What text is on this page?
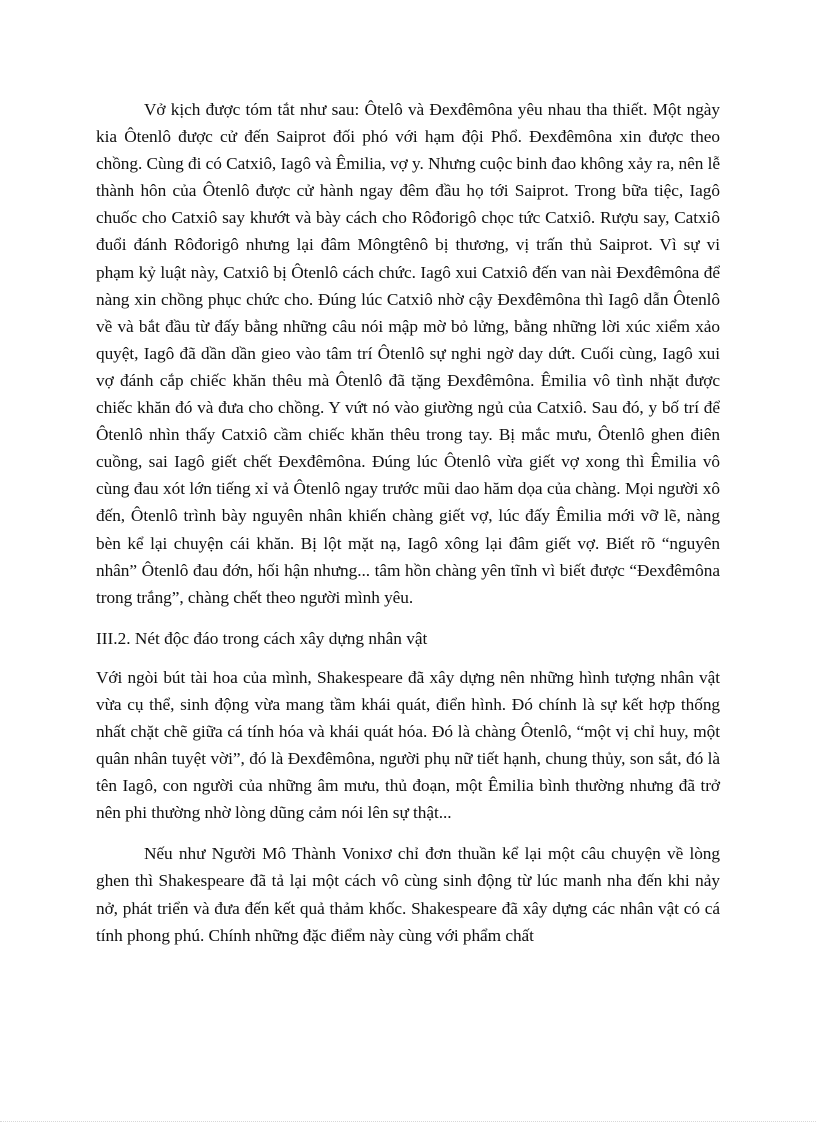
Vở kịch được tóm tắt như sau: Ôtelô và Đexđêmôna yêu nhau tha thiết. Một ngày kia Ôtenlô được cử đến Saiprot đối phó với hạm đội Phổ. Đexđêmôna xin được theo chồng. Cùng đi có Catxiô, Iagô và Êmilia, vợ y. Nhưng cuộc binh đao không xảy ra, nên lễ thành hôn của Ôtenlô được cử hành ngay đêm đầu họ tới Saiprot. Trong bữa tiệc, Iagô chuốc cho Catxiô say khướt và bày cách cho Rôđorigô chọc tức Catxiô. Rượu say, Catxiô đuổi đánh Rôđorigô nhưng lại đâm Môngtênô bị thương, vị trấn thủ Saiprot. Vì sự vi phạm kỷ luật này, Catxiô bị Ôtenlô cách chức. Iagô xui Catxiô đến van nài Đexđêmôna để nàng xin chồng phục chức cho. Đúng lúc Catxiô nhờ cậy Đexđêmôna thì Iagô dẫn Ôtenlô về và bắt đầu từ đấy bằng những câu nói mập mờ bỏ lửng, bằng những lời xúc xiểm xảo quyệt, Iagô đã dần dần gieo vào tâm trí Ôtenlô sự nghi ngờ day dứt. Cuối cùng, Iagô xui vợ đánh cắp chiếc khăn thêu mà Ôtenlô đã tặng Đexđêmôna. Êmilia vô tình nhặt được chiếc khăn đó và đưa cho chồng. Y vứt nó vào giường ngủ của Catxiô. Sau đó, y bố trí để Ôtenlô nhìn thấy Catxiô cầm chiếc khăn thêu trong tay. Bị mắc mưu, Ôtenlô ghen điên cuồng, sai Iagô giết chết Đexđêmôna. Đúng lúc Ôtenlô vừa giết vợ xong thì Êmilia vô cùng đau xót lớn tiếng xỉ vả Ôtenlô ngay trước mũi dao hăm dọa của chàng. Mọi người xô đến, Ôtenlô trình bày nguyên nhân khiến chàng giết vợ, lúc đấy Êmilia mới vỡ lẽ, nàng bèn kể lại chuyện cái khăn. Bị lột mặt nạ, Iagô xông lại đâm giết vợ. Biết rõ “nguyên nhân” Ôtenlô đau đớn, hối hận nhưng... tâm hồn chàng yên tĩnh vì biết được “Đexđêmôna trong trắng”, chàng chết theo người mình yêu.

III.2. Nét độc đáo trong cách xây dựng nhân vật

Với ngòi bút tài hoa của mình, Shakespeare đã xây dựng nên những hình tượng nhân vật vừa cụ thể, sinh động vừa mang tầm khái quát, điển hình. Đó chính là sự kết hợp thống nhất chặt chẽ giữa cá tính hóa và khái quát hóa. Đó là chàng Ôtenlô, “một vị chỉ huy, một quân nhân tuyệt vời”, đó là Đexđêmôna, người phụ nữ tiết hạnh, chung thủy, son sắt, đó là tên Iagô, con người của những âm mưu, thủ đoạn, một Êmilia bình thường nhưng đã trở nên phi thường nhờ lòng dũng cảm nói lên sự thật...

Nếu như Người Mô Thành Vonixơ chỉ đơn thuần kể lại một câu chuyện về lòng ghen thì Shakespeare đã tả lại một cách vô cùng sinh động từ lúc manh nha đến khi nảy nở, phát triển và đưa đến kết quả thảm khốc. Shakespeare đã xây dựng các nhân vật có cá tính phong phú. Chính những đặc điểm này cùng với phẩm chất
